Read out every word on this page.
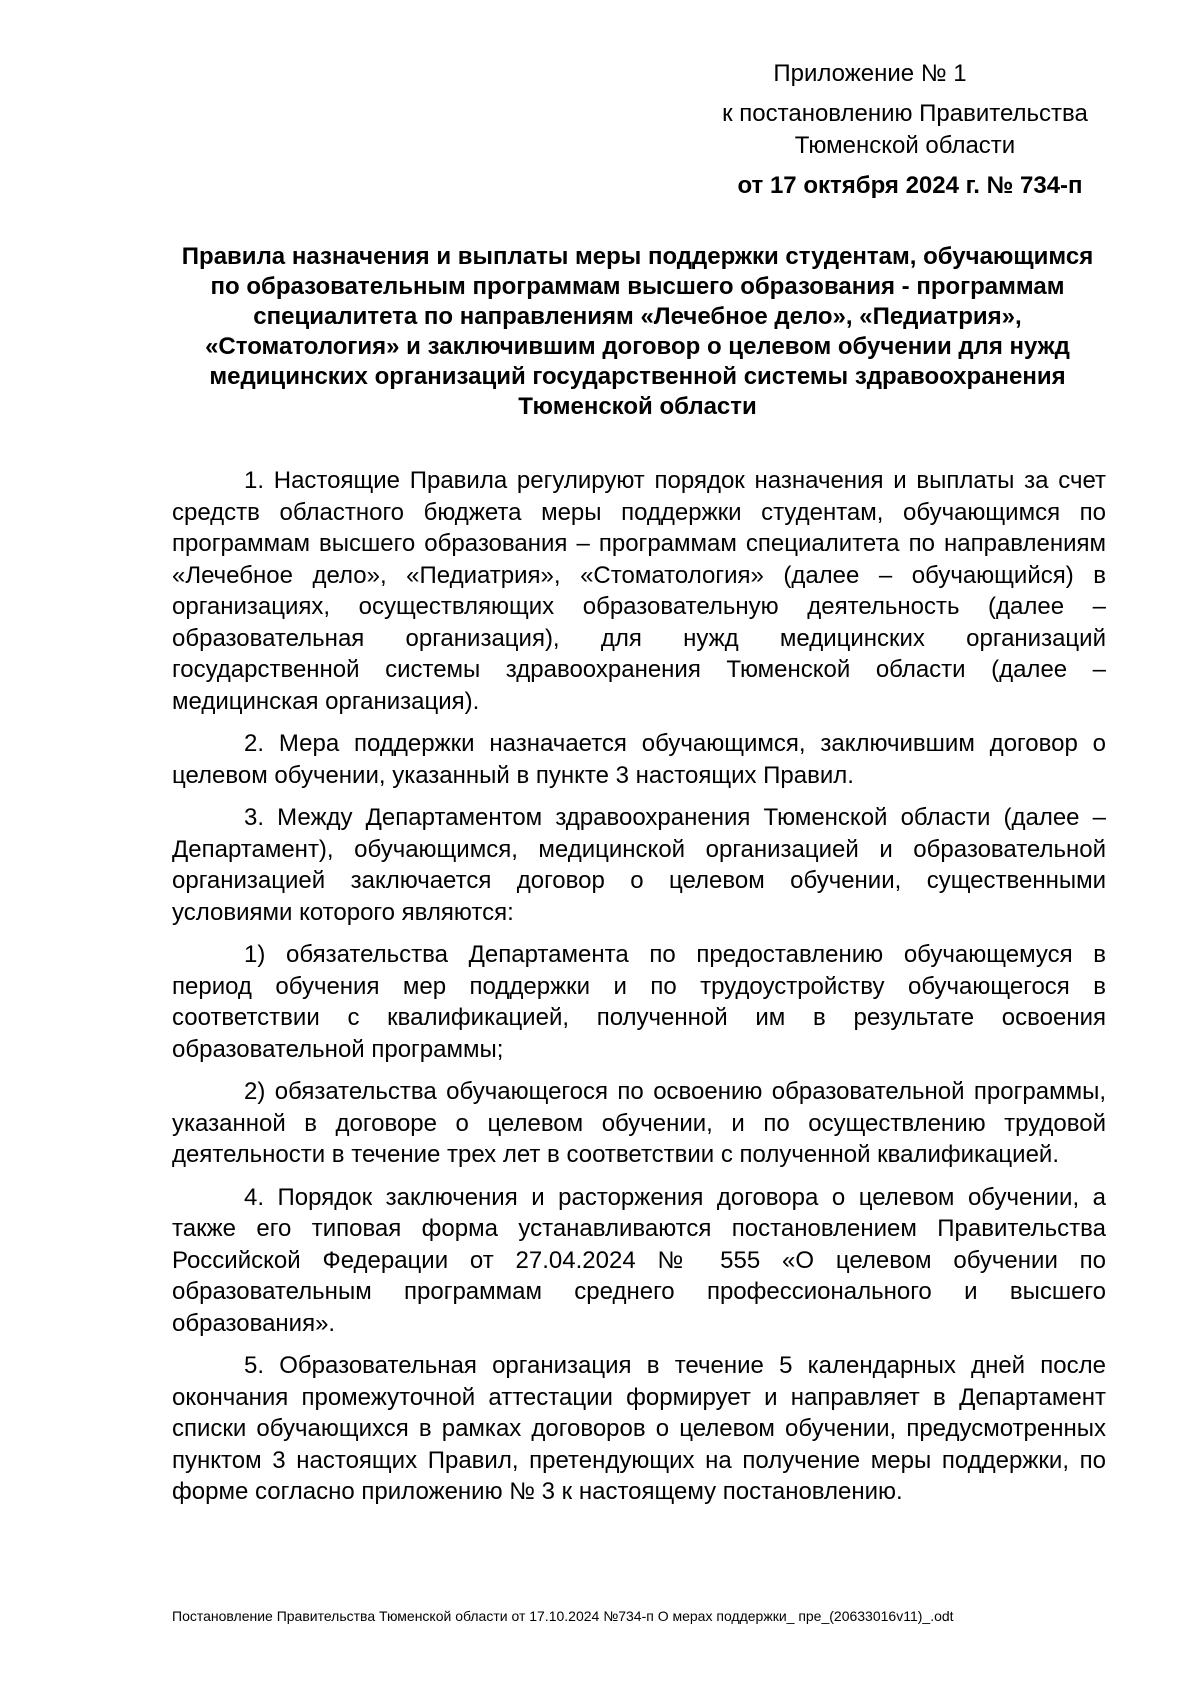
Приложение № 1
к постановлению Правительства
Тюменской области
от 17 октября 2024 г. № 734-п
Правила назначения и выплаты меры поддержки студентам, обучающимся по образовательным программам высшего образования - программам специалитета по направлениям «Лечебное дело», «Педиатрия», «Стоматология» и заключившим договор о целевом обучении для нужд медицинских организаций государственной системы здравоохранения Тюменской области

1. Настоящие Правила регулируют порядок назначения и выплаты за счет средств областного бюджета меры поддержки студентам, обучающимся по программам высшего образования – программам специалитета по направлениям «Лечебное дело», «Педиатрия», «Стоматология» (далее – обучающийся) в организациях, осуществляющих образовательную деятельность (далее – образовательная организация), для нужд медицинских организаций государственной системы здравоохранения Тюменской области (далее – медицинская организация).

2. Мера поддержки назначается обучающимся, заключившим договор о целевом обучении, указанный в пункте 3 настоящих Правил.

3. Между Департаментом здравоохранения Тюменской области (далее – Департамент), обучающимся, медицинской организацией и образовательной организацией заключается договор о целевом обучении, существенными условиями которого являются:

1) обязательства Департамента по предоставлению обучающемуся в период обучения мер поддержки и по трудоустройству обучающегося в соответствии с квалификацией, полученной им в результате освоения образовательной программы;

2) обязательства обучающегося по освоению образовательной программы, указанной в договоре о целевом обучении, и по осуществлению трудовой деятельности в течение трех лет в соответствии с полученной квалификацией.

4. Порядок заключения и расторжения договора о целевом обучении, а также его типовая форма устанавливаются постановлением Правительства Российской Федерации от 27.04.2024 № 555 «О целевом обучении по образовательным программам среднего профессионального и высшего образования».

5. Образовательная организация в течение 5 календарных дней после окончания промежуточной аттестации формирует и направляет в Департамент списки обучающихся в рамках договоров о целевом обучении, предусмотренных пунктом 3 настоящих Правил, претендующих на получение меры поддержки, по форме согласно приложению № 3 к настоящему постановлению.

Постановление Правительства Тюменской области от 17.10.2024 №734-п О мерах поддержки_ пре_(20633016v11)_.odt
